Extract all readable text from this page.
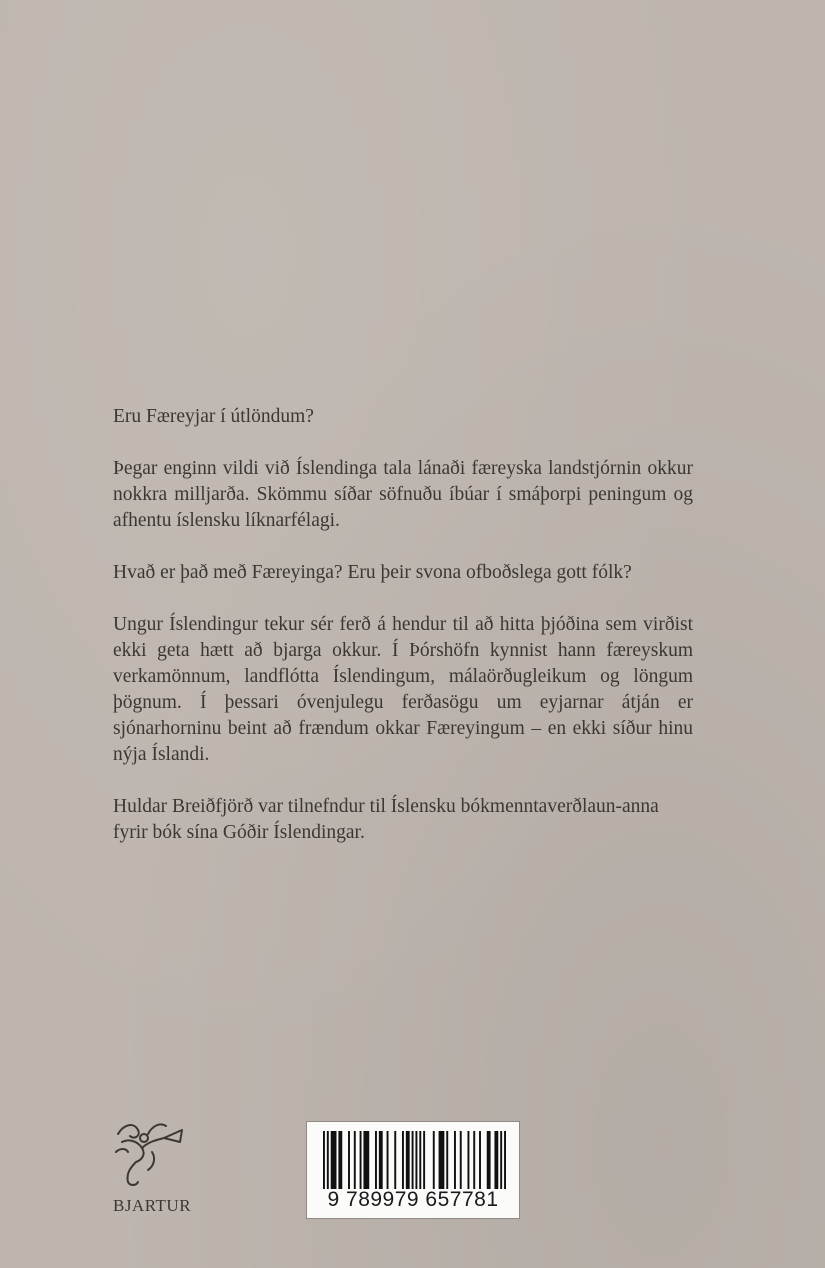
Eru Færeyjar í útlöndum?

Þegar enginn vildi við Íslendinga tala lánaði færeyska landstjórnin okkur nokkra milljarða. Skömmu síðar söfnuðu íbúar í smáþorpi peningum og afhentu íslensku líknarfélagi.

Hvað er það með Færeyinga? Eru þeir svona ofboðslega gott fólk?

Ungur Íslendingur tekur sér ferð á hendur til að hitta þjóðina sem virðist ekki geta hætt að bjarga okkur. Í Þórshöfn kynnist hann færeyskum verkamönnum, landflótta Íslendingum, málaörðugleikum og löngum þögnum. Í þessari óvenjulegu ferðasögu um eyjarnar átján er sjónarhorninu beint að frændum okkar Færeyingum – en ekki síður hinu nýja Íslandi.

Huldar Breiðfjörð var tilnefndur til Íslensku bókmenntaverðlaun-anna fyrir bók sína Góðir Íslendingar.

BJARTUR	9 789979 657781
